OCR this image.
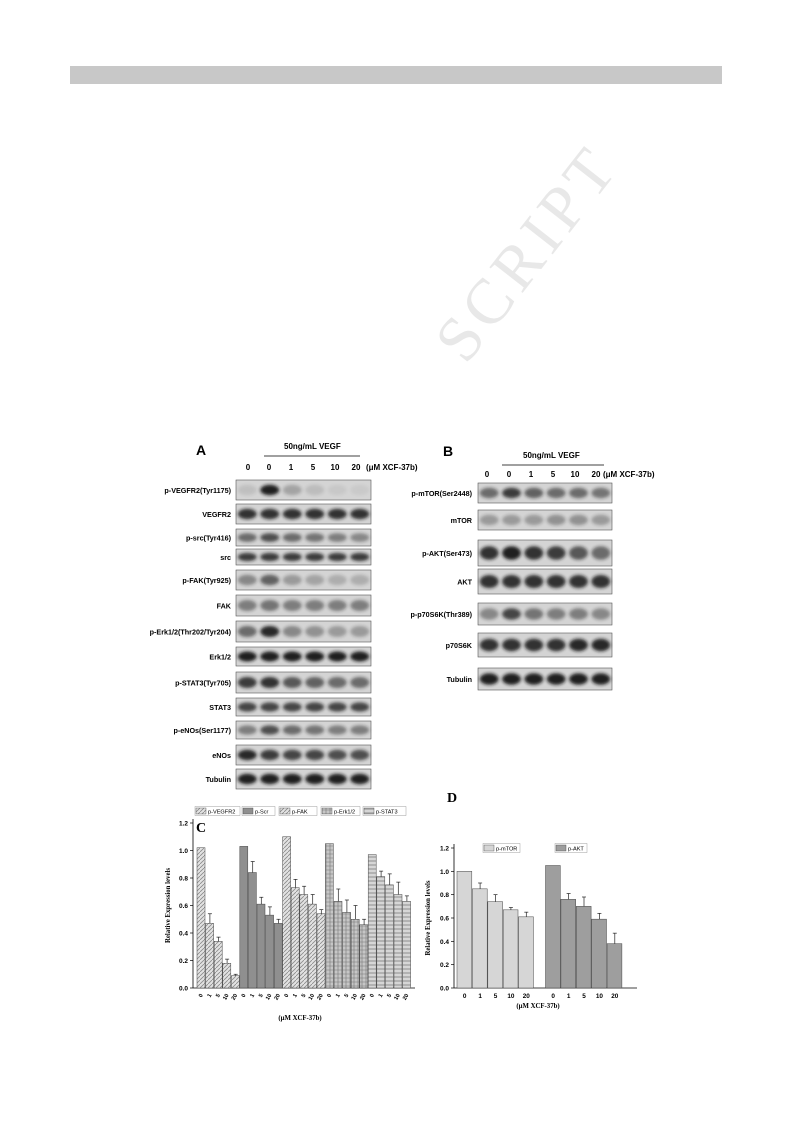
SCRIPT
A	50ng/mL VEGF
0 0 1 5 10 20 (μM XCF-37b)
p-VEGFR2(Tyr1175)
VEGFR2
p-src(Tyr416)
src
p-FAK(Tyr925)
FAK
p-Erk1/2(Thr202/Tyr204)
Erk1/2
p-STAT3(Tyr705)
STAT3
p-eNOs(Ser1177)
eNOs
Tubulin
B	50ng/mL VEGF
0 0 1 5 10 20 (μM XCF-37b)
p-mTOR(Ser2448)
mTOR
p-AKT(Ser473)
AKT
p-p70S6K(Thr389)
p70S6K
Tubulin
C
0.0
0.2
0.4
0.6
0.8
1.0
1.2
Relative Expression levels
(μM XCF-37b)
0 1 5 10 20
p-VEGFR2
0 1 5 10 20
p-Scr
0 1 5 10 20
p-FAK
0 1 5 10 20
p-Erk1/2
0 1 5 10 20
p-STAT3
D
0.0
0.2
0.4
0.6
0.8
1.0
1.2
Relative Expression levels
(μM XCF-37b)
0 1 5 10 20
p-mTOR
0 1 5 10 20
p-AKT
